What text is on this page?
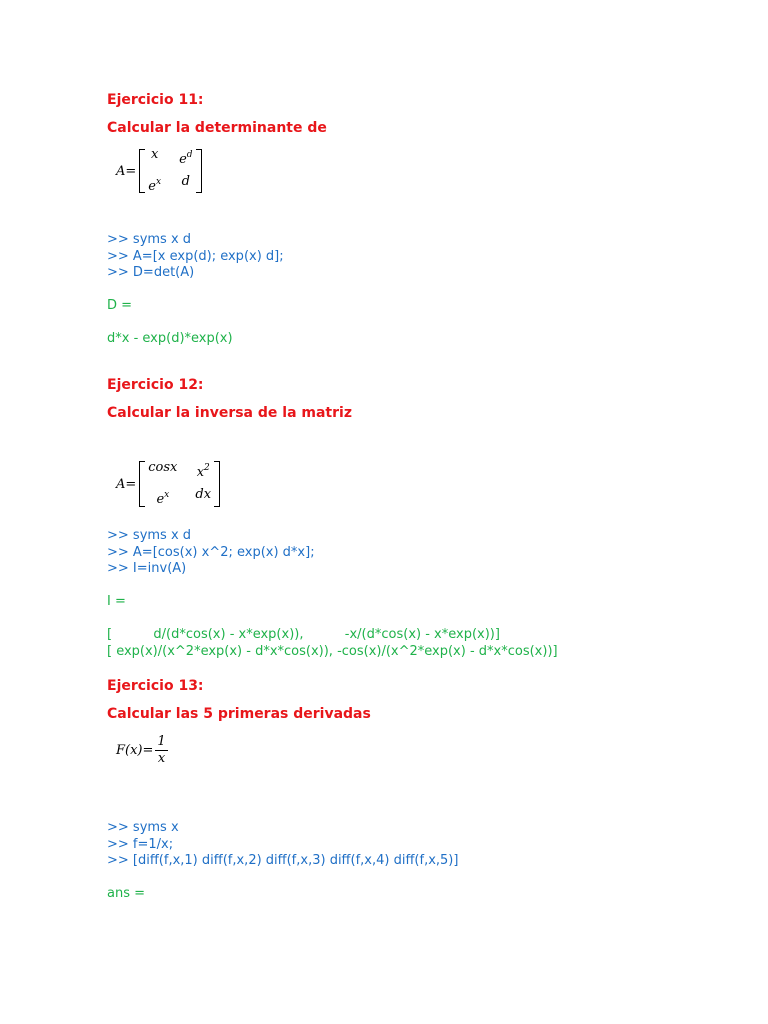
Ejercicio 11:
Calcular la determinante de
A=
x $e^d$
$e^x$ d
>> syms x d
>> A=[x exp(d); exp(x) d];
>> D=det(A)
D =
d*x - exp(d)*exp(x)
Ejercicio 12:
Calcular la inversa de la matriz
A=
cosx $x^2$
$e^x$	dx
>> syms x d
>> A=[cos(x) x^2; exp(x) d*x];
>> I=inv(A)
I =
[          d/(d*cos(x) - x*exp(x)),          -x/(d*cos(x) - x*exp(x))]
[ exp(x)/(x^2*exp(x) - d*x*cos(x)), -cos(x)/(x^2*exp(x) - d*x*cos(x))]
Ejercicio 13:
Calcular las 5 primeras derivadas
$F(x)= \frac{1}{x}$
>> syms x
>> f=1/x;
>> [diff(f,x,1) diff(f,x,2) diff(f,x,3) diff(f,x,4) diff(f,x,5)]
ans =
